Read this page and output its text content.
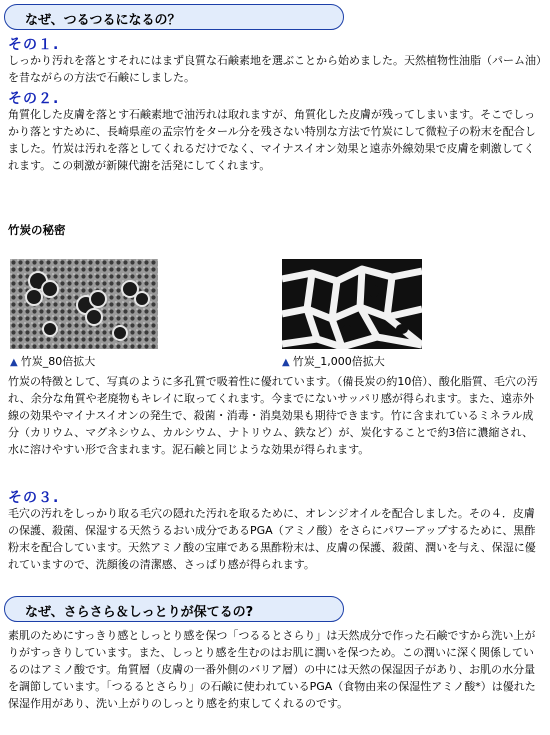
なぜ、つるつるになるの？
その１.

しっかり汚れを落とすそれにはまず良質な石鹸素地を選ぶことから始めました。天然植物性油脂（パーム油）を昔ながらの方法で石鹸にしました。

その２.

角質化した皮膚を落とす石鹸素地で油汚れは取れますが、角質化した皮膚が残ってしまいます。そこでしっかり落とすために、長崎県産の孟宗竹をタール分を残さない特別な方法で竹炭にして微粒子の粉末を配合しました。竹炭は汚れを落としてくれるだけでなく、マイナスイオン効果と遠赤外線効果で皮膚を刺激してくれます。この刺激が新陳代謝を活発にしてくれます。

竹炭の秘密
▲ 竹炭_80倍拡大	▲ 竹炭_1,000倍拡大

竹炭の特徴として、写真のように多孔質で吸着性に優れています。（備長炭の約10倍）、酸化脂質、毛穴の汚れ、余分な角質や老廃物もキレイに取ってくれます。今までにないサッパリ感が得られます。また、遠赤外線の効果やマイナスイオンの発生で、殺菌・消毒・消臭効果も期待できます。竹に含まれているミネラル成分（カリウム、マグネシウム、カルシウム、ナトリウム、鉄など）が、炭化することで約3倍に濃縮され、水に溶けやすい形で含まれます。泥石鹸と同じような効果が得られます。

その３.

毛穴の汚れをしっかり取る毛穴の隠れた汚れを取るために、オレンジオイルを配合しました。その４．皮膚の保護、殺菌、保湿する天然うるおい成分であるPGA（アミノ酸）をさらにパワーアップするために、黒酢粉末を配合しています。天然アミノ酸の宝庫である黒酢粉末は、皮膚の保護、殺菌、潤いを与え、保湿に優れていますので、洗顔後の清潔感、さっぱり感が得られます。

なぜ、さらさら＆しっとりが保てるの?

素肌のためにすっきり感としっとり感を保つ「つるるとさらり」は天然成分で作った石鹸ですから洗い上がりがすっきりしています。また、しっとり感を生むのはお肌に潤いを保つため。この潤いに深く関係しているのはアミノ酸です。角質層（皮膚の一番外側のバリア層）の中には天然の保湿因子があり、お肌の水分量を調節しています。「つるるとさらり」の石鹸に使われているPGA（食物由来の保湿性アミノ酸*）は優れた保湿作用があり、洗い上がりのしっとり感を約束してくれるのです。
